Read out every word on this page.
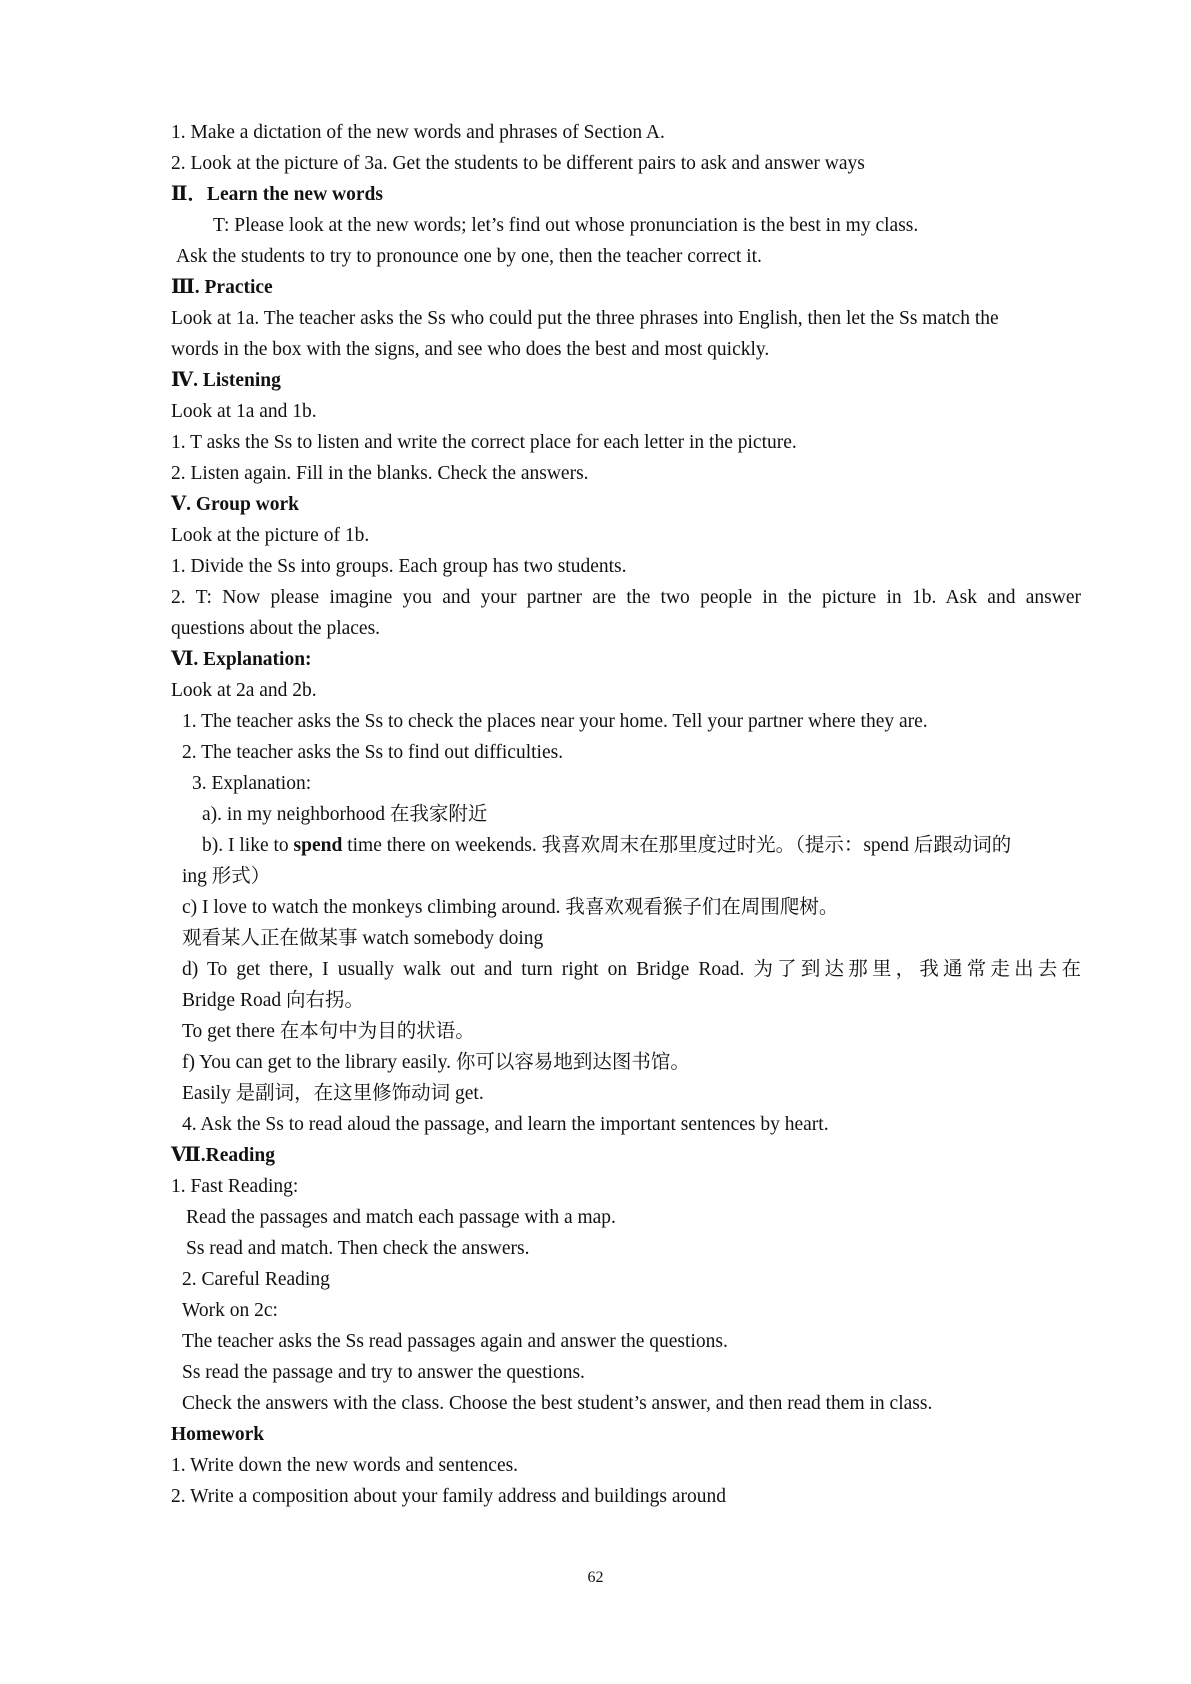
1. Make a dictation of the new words and phrases of Section A.
2. Look at the picture of 3a. Get the students to be different pairs to ask and answer ways
Ⅱ．Learn the new words
T: Please look at the new words; let’s find out whose pronunciation is the best in my class.
Ask the students to try to pronounce one by one, then the teacher correct it.
Ⅲ. Practice
Look at 1a. The teacher asks the Ss who could put the three phrases into English, then let the Ss match the
words in the box with the signs, and see who does the best and most quickly.
Ⅳ. Listening
Look at 1a and 1b.
1. T asks the Ss to listen and write the correct place for each letter in the picture.
2. Listen again. Fill in the blanks. Check the answers.
Ⅴ. Group work
Look at the picture of 1b.
1. Divide the Ss into groups. Each group has two students.
2. T: Now please imagine you and your partner are the two people in the picture in 1b. Ask and answer
questions about the places.
Ⅵ. Explanation:
Look at 2a and 2b.
1. The teacher asks the Ss to check the places near your home. Tell your partner where they are.
2. The teacher asks the Ss to find out difficulties.
3. Explanation:
a). in my neighborhood 在我家附近
b). I like to spend time there on weekends. 我喜欢周末在那里度过时光。（提示：spend 后跟动词的
ing 形式）
c) I love to watch the monkeys climbing around. 我喜欢观看猴子们在周围爬树。
观看某人正在做某事 watch somebody doing
d) To get there, I usually walk out and turn right on Bridge Road. 为了到达那里，我通常走出去在
Bridge Road 向右拐。
To get there 在本句中为目的状语。
f) You can get to the library easily. 你可以容易地到达图书馆。
Easily 是副词，在这里修饰动词 get.
4. Ask the Ss to read aloud the passage, and learn the important sentences by heart.
Ⅶ.Reading
1. Fast Reading:
Read the passages and match each passage with a map.
Ss read and match. Then check the answers.
2. Careful Reading
Work on 2c:
The teacher asks the Ss read passages again and answer the questions.
Ss read the passage and try to answer the questions.
Check the answers with the class. Choose the best student’s answer, and then read them in class.
Homework
1. Write down the new words and sentences.
2. Write a composition about your family address and buildings around
62
